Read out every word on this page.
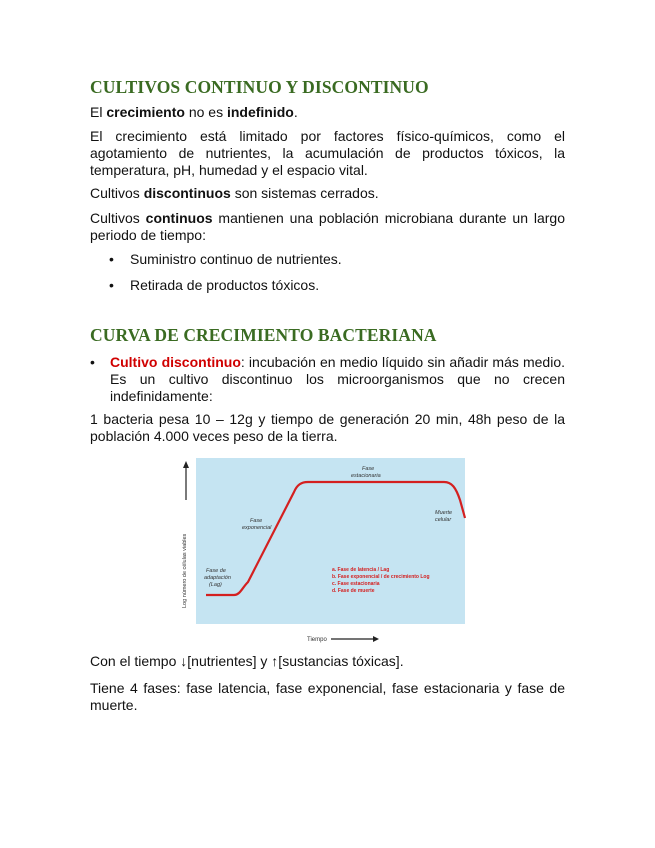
CULTIVOS CONTINUO Y DISCONTINUO

El crecimiento no es indefinido.

El crecimiento está limitado por factores físico-químicos, como el agotamiento de nutrientes, la acumulación de productos tóxicos, la temperatura, pH, humedad y el espacio vital.

Cultivos discontinuos son sistemas cerrados.

Cultivos continuos mantienen una población microbiana durante un largo periodo de tiempo:

• Suministro continuo de nutrientes.
• Retirada de productos tóxicos.
CURVA DE CRECIMIENTO BACTERIANA
• Cultivo discontinuo: incubación en medio líquido sin añadir más medio. Es un cultivo discontinuo los microorganismos que no crecen indefinidamente:

1 bacteria pesa 10 – 12g y tiempo de generación 20 min, 48h peso de la población 4.000 veces peso de la tierra.

Con el tiempo ↓[nutrientes] y ↑[sustancias tóxicas].

Tiene 4 fases: fase latencia, fase exponencial, fase estacionaria y fase de muerte.

Log número de células viables
Tiempo
Fase de
adaptación
(Lag)
Fase
exponencial
Fase
estacionaria
Muerte
celular
a. Fase de latencia / Lag
b. Fase exponencial / de crecimiento Log
c. Fase estacionaria
d. Fase de muerte
